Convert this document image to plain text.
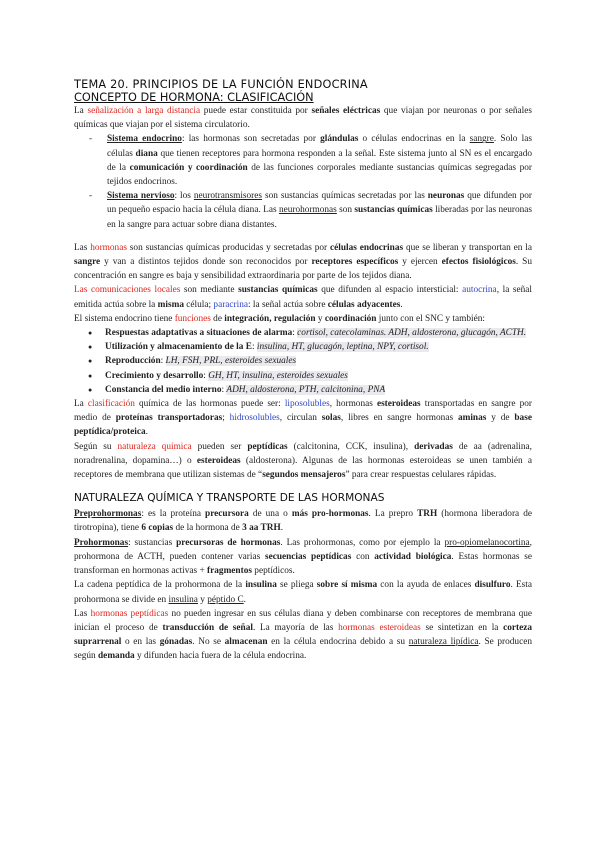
TEMA 20. PRINCIPIOS DE LA FUNCIÓN ENDOCRINA
CONCEPTO DE HORMONA: CLASIFICACIÓN

La señalización a larga distancia puede estar constituida por señales eléctricas que viajan por neuronas o por señales químicas que viajan por el sistema circulatorio.

- Sistema endocrino: las hormonas son secretadas por glándulas o células endocrinas en la sangre. Solo las células diana que tienen receptores para hormona responden a la señal. Este sistema junto al SN es el encargado de la comunicación y coordinación de las funciones corporales mediante sustancias químicas segregadas por tejidos endocrinos.
- Sistema nervioso: los neurotransmisores son sustancias químicas secretadas por las neuronas que difunden por un pequeño espacio hacia la célula diana. Las neurohormonas son sustancias químicas liberadas por las neuronas en la sangre para actuar sobre diana distantes.

Las hormonas son sustancias químicas producidas y secretadas por células endocrinas que se liberan y transportan en la sangre y van a distintos tejidos donde son reconocidos por receptores específicos y ejercen efectos fisiológicos. Su concentración en sangre es baja y sensibilidad extraordinaria por parte de los tejidos diana.

Las comunicaciones locales son mediante sustancias químicas que difunden al espacio intersticial: autocrina, la señal emitida actúa sobre la misma célula; paracrina: la señal actúa sobre células adyacentes.

El sistema endocrino tiene funciones de integración, regulación y coordinación junto con el SNC y también:

● Respuestas adaptativas a situaciones de alarma: cortisol, catecolaminas. ADH, aldosterona, glucagón, ACTH.
● Utilización y almacenamiento de la E: insulina, HT, glucagón, leptina, NPY, cortisol.
● Reproducción: LH, FSH, PRL, esteroides sexuales
● Crecimiento y desarrollo: GH, HT, insulina, esteroides sexuales
● Constancia del medio interno: ADH, aldosterona, PTH, calcitonina, PNA

La clasificación química de las hormonas puede ser: liposolubles, hormonas esteroideas transportadas en sangre por medio de proteínas transportadoras; hidrosolubles, circulan solas, libres en sangre hormonas aminas y de base peptídica/proteica.

Según su naturaleza química pueden ser peptídicas (calcitonina, CCK, insulina), derivadas de aa (adrenalina, noradrenalina, dopamina…) o esteroideas (aldosterona). Algunas de las hormonas esteroideas se unen también a receptores de membrana que utilizan sistemas de “segundos mensajeros” para crear respuestas celulares rápidas.

NATURALEZA QUÍMICA Y TRANSPORTE DE LAS HORMONAS

Preprohormonas: es la proteína precursora de una o más pro-hormonas. La prepro TRH (hormona liberadora de tirotropina), tiene 6 copias de la hormona de 3 aa TRH.

Prohormonas: sustancias precursoras de hormonas. Las prohormonas, como por ejemplo la pro-opiomelanocortina, prohormona de ACTH, pueden contener varias secuencias peptídicas con actividad biológica. Estas hormonas se transforman en hormonas activas + fragmentos peptídicos.

La cadena peptídica de la prohormona de la insulina se pliega sobre sí misma con la ayuda de enlaces disulfuro. Esta prohormona se divide en insulina y péptido C.

Las hormonas peptídicas no pueden ingresar en sus células diana y deben combinarse con receptores de membrana que inician el proceso de transducción de señal. La mayoría de las hormonas esteroideas se sintetizan en la corteza suprarrenal o en las gónadas. No se almacenan en la célula endocrina debido a su naturaleza lipídica. Se producen según demanda y difunden hacia fuera de la célula endocrina.
